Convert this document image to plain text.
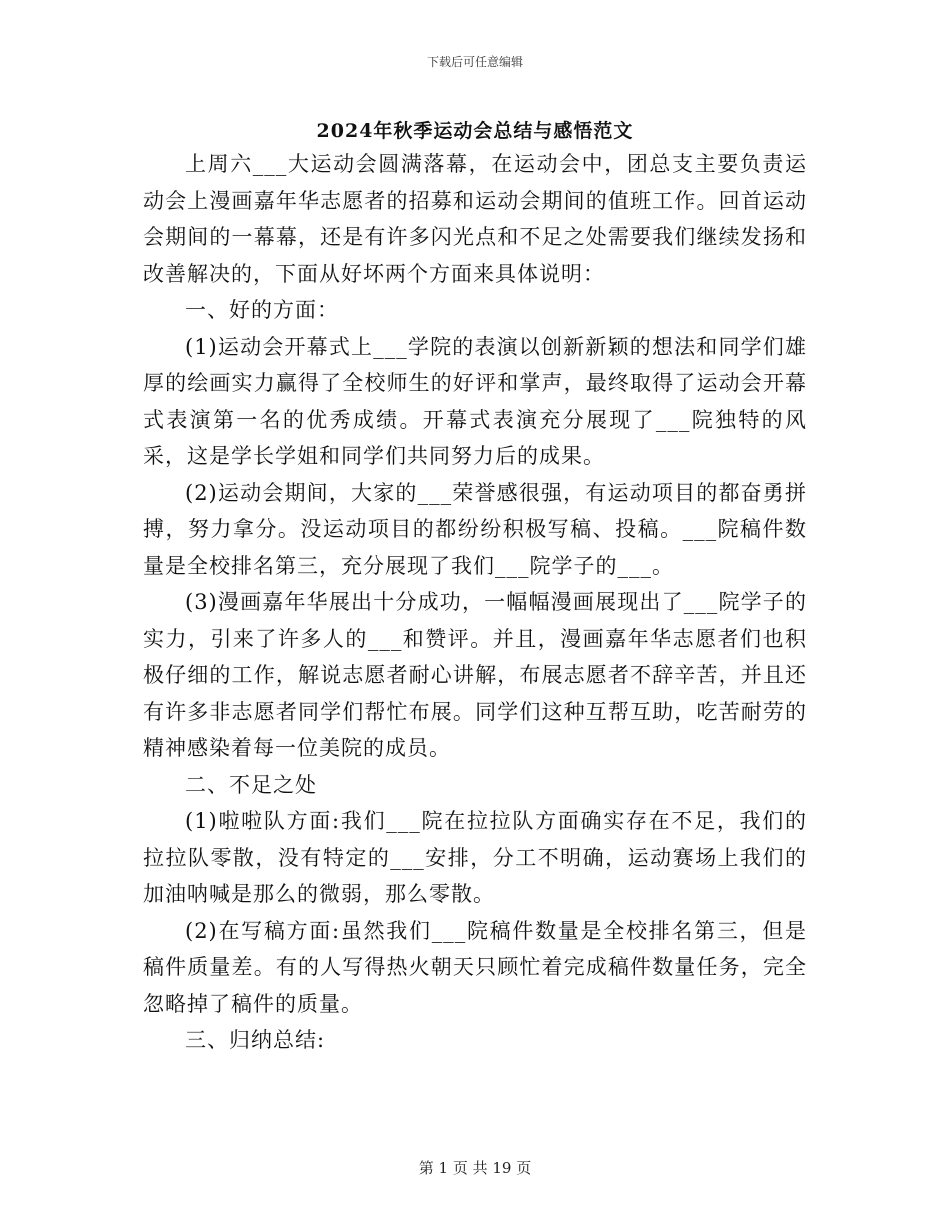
下载后可任意编辑
2024年秋季运动会总结与感悟范文

上周六___大运动会圆满落幕，在运动会中，团总支主要负责运动会上漫画嘉年华志愿者的招募和运动会期间的值班工作。回首运动会期间的一幕幕，还是有许多闪光点和不足之处需要我们继续发扬和改善解决的，下面从好坏两个方面来具体说明：

一、好的方面：

(1)运动会开幕式上___学院的表演以创新新颖的想法和同学们雄厚的绘画实力赢得了全校师生的好评和掌声，最终取得了运动会开幕式表演第一名的优秀成绩。开幕式表演充分展现了___院独特的风采，这是学长学姐和同学们共同努力后的成果。

(2)运动会期间，大家的___荣誉感很强，有运动项目的都奋勇拼搏，努力拿分。没运动项目的都纷纷积极写稿、投稿。___院稿件数量是全校排名第三，充分展现了我们___院学子的___。

(3)漫画嘉年华展出十分成功，一幅幅漫画展现出了___院学子的实力，引来了许多人的___和赞评。并且，漫画嘉年华志愿者们也积极仔细的工作，解说志愿者耐心讲解，布展志愿者不辞辛苦，并且还有许多非志愿者同学们帮忙布展。同学们这种互帮互助，吃苦耐劳的精神感染着每一位美院的成员。

二、不足之处

(1)啦啦队方面:我们___院在拉拉队方面确实存在不足，我们的拉拉队零散，没有特定的___安排，分工不明确，运动赛场上我们的加油呐喊是那么的微弱，那么零散。

(2)在写稿方面:虽然我们___院稿件数量是全校排名第三，但是稿件质量差。有的人写得热火朝天只顾忙着完成稿件数量任务，完全忽略掉了稿件的质量。

三、归纳总结:

第 1 页 共 19 页
